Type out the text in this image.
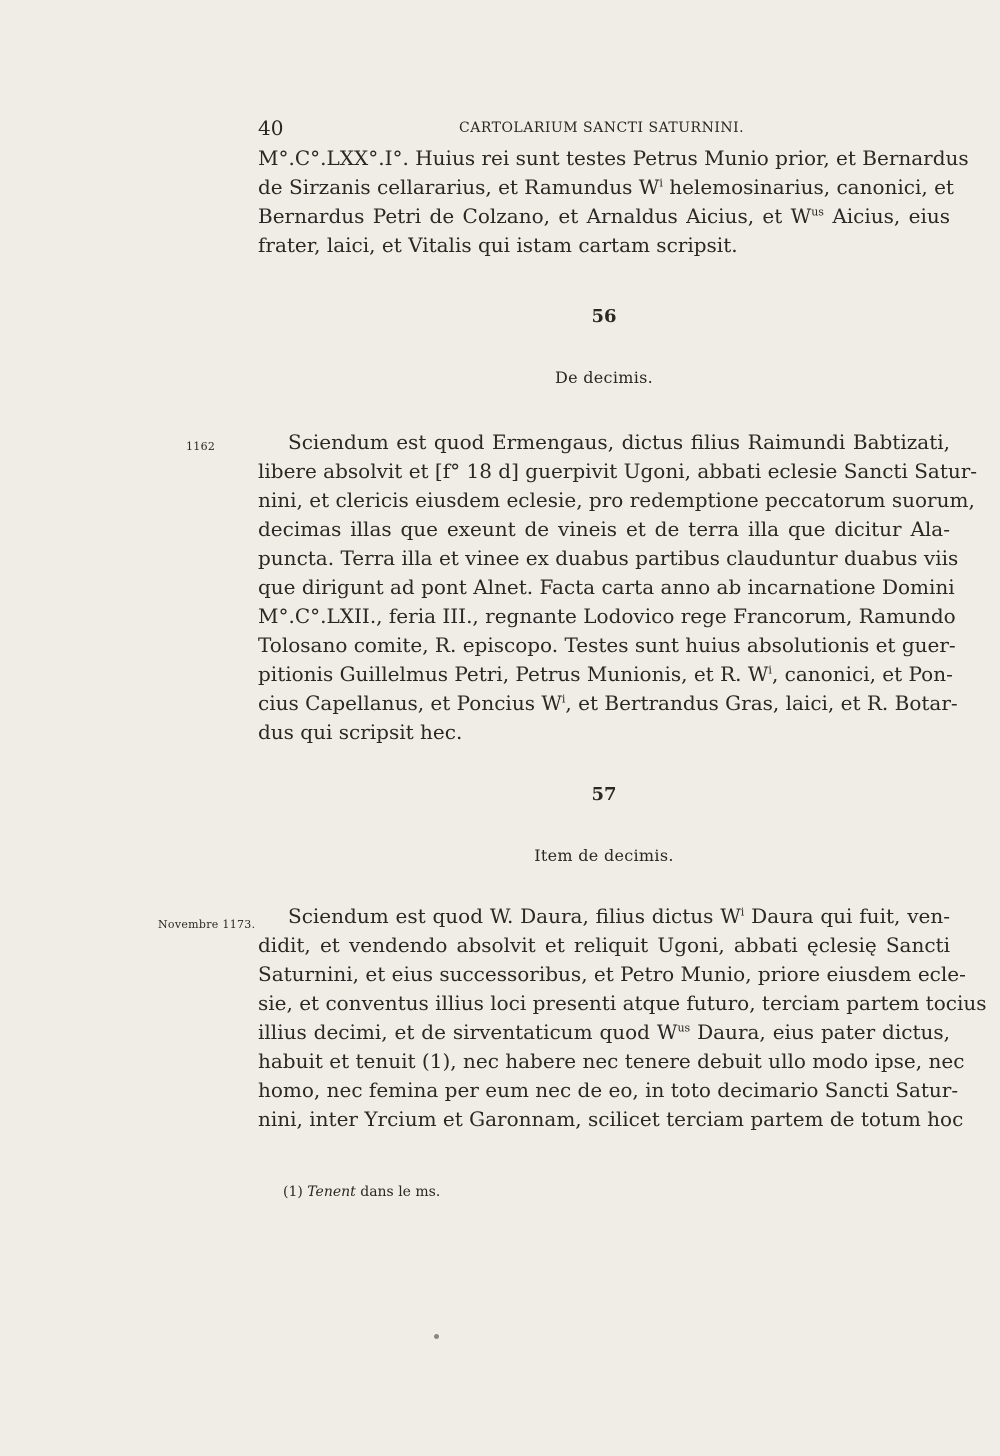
40	CARTOLARIUM SANCTI SATURNINI.
M°.C°.LXX°.I°. Huius rei sunt testes Petrus Munio prior, et Bernardus
de Sirzanis cellararius, et Ramundus $W^i$ helemosinarius, canonici, et
Bernardus Petri de Colzano, et Arnaldus Aicius, et $W^{us}$ Aicius, eius
frater, laici, et Vitalis qui istam cartam scripsit.
56
De decimis.
1162	Sciendum est quod Ermengaus, dictus filius Raimundi Babtizati,
libere absolvit et [f° 18 d] guerpivit Ugoni, abbati eclesie Sancti Satur-
nini, et clericis eiusdem eclesie, pro redemptione peccatorum suorum,
decimas illas que exeunt de vineis et de terra illa que dicitur Ala-
puncta. Terra illa et vinee ex duabus partibus clauduntur duabus viis
que dirigunt ad pont Alnet. Facta carta anno ab incarnatione Domini
M°.C°.LXII., feria III., regnante Lodovico rege Francorum, Ramundo
Tolosano comite, R. episcopo. Testes sunt huius absolutionis et guer-
pitionis Guillelmus Petri, Petrus Munionis, et R. $W^i$, canonici, et Pon-
cius Capellanus, et Poncius $W^i$, et Bertrandus Gras, laici, et R. Botar-
dus qui scripsit hec.
57
Item de decimis.
Novembre 1173.	Sciendum est quod W. Daura, filius dictus $W^i$ Daura qui fuit, ven-
didit, et vendendo absolvit et reliquit Ugoni, abbati ęclesię Sancti
Saturnini, et eius successoribus, et Petro Munio, priore eiusdem ecle-
sie, et conventus illius loci presenti atque futuro, terciam partem tocius
illius decimi, et de sirventaticum quod $W^{us}$ Daura, eius pater dictus,
habuit et tenuit (1), nec habere nec tenere debuit ullo modo ipse, nec
homo, nec femina per eum nec de eo, in toto decimario Sancti Satur-
nini, inter Yrcium et Garonnam, scilicet terciam partem de totum hoc
(1) Tenent dans le ms.
